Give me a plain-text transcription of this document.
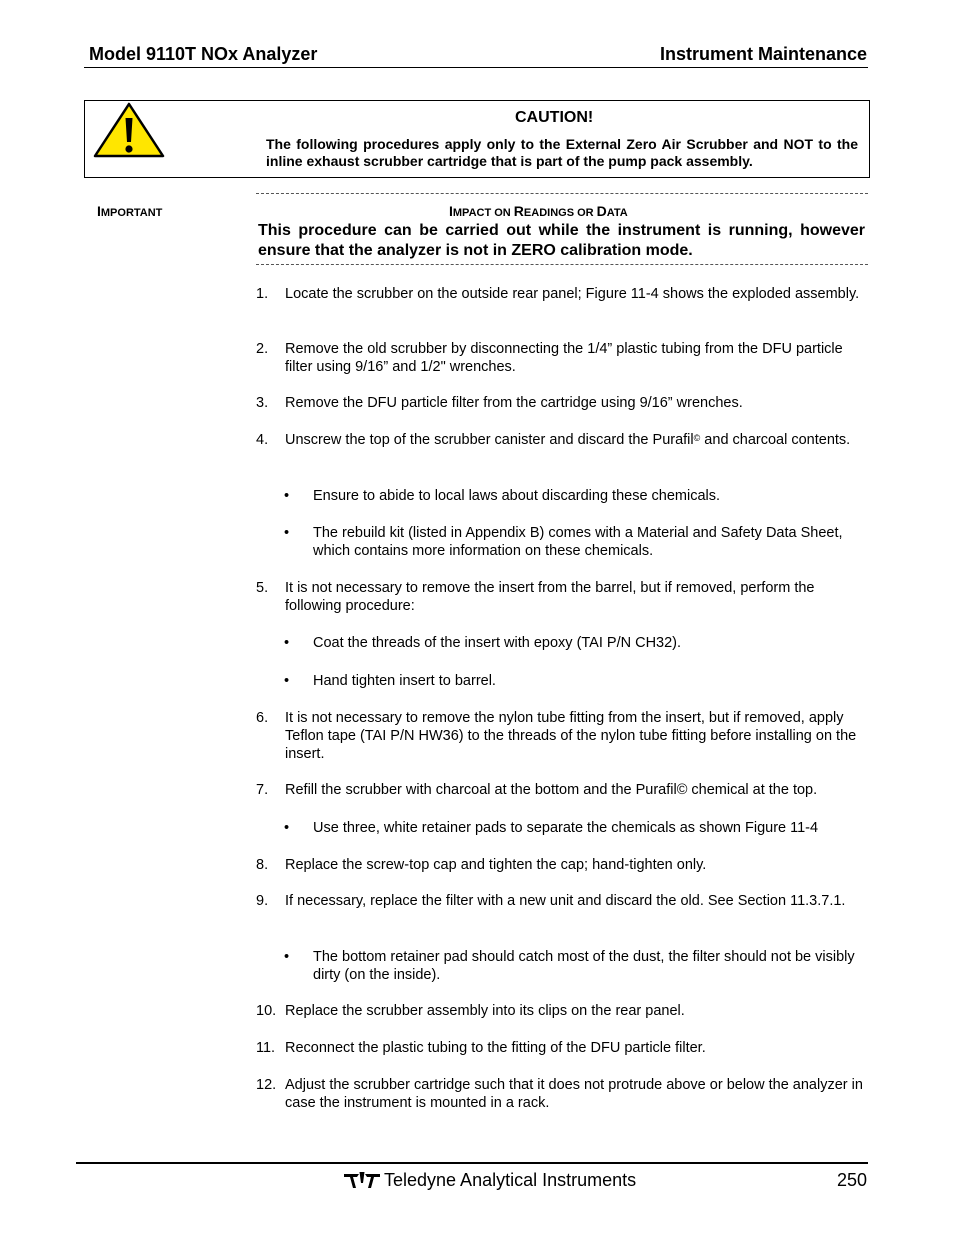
Model 9110T NOx Analyzer	Instrument Maintenance
CAUTION!
The following procedures apply only to the External Zero Air Scrubber and NOT to the inline exhaust scrubber cartridge that is part of the pump pack assembly.
IMPORTANT	IMPACT ON READINGS OR DATA
This procedure can be carried out while the instrument is running, however ensure that the analyzer is not in ZERO calibration mode.
1. Locate the scrubber on the outside rear panel; Figure 11-4 shows the exploded assembly.
2. Remove the old scrubber by disconnecting the 1/4” plastic tubing from the DFU particle filter using 9/16” and 1/2" wrenches.
3. Remove the DFU particle filter from the cartridge using 9/16” wrenches.
4. Unscrew the top of the scrubber canister and discard the Purafil© and charcoal contents.
• Ensure to abide to local laws about discarding these chemicals.
• The rebuild kit (listed in Appendix B) comes with a Material and Safety Data Sheet, which contains more information on these chemicals.
5. It is not necessary to remove the insert from the barrel, but if removed, perform the following procedure:
• Coat the threads of the insert with epoxy (TAI P/N CH32).
• Hand tighten insert to barrel.
6. It is not necessary to remove the nylon tube fitting from the insert, but if removed, apply Teflon tape (TAI P/N HW36) to the threads of the nylon tube fitting before installing on the insert.
7. Refill the scrubber with charcoal at the bottom and the Purafil© chemical at the top.
• Use three, white retainer pads to separate the chemicals as shown Figure 11-4
8. Replace the screw-top cap and tighten the cap; hand-tighten only.
9. If necessary, replace the filter with a new unit and discard the old. See Section 11.3.7.1.
• The bottom retainer pad should catch most of the dust, the filter should not be visibly dirty (on the inside).
10. Replace the scrubber assembly into its clips on the rear panel.
11. Reconnect the plastic tubing to the fitting of the DFU particle filter.
12. Adjust the scrubber cartridge such that it does not protrude above or below the analyzer in case the instrument is mounted in a rack.
Teledyne Analytical Instruments	250
